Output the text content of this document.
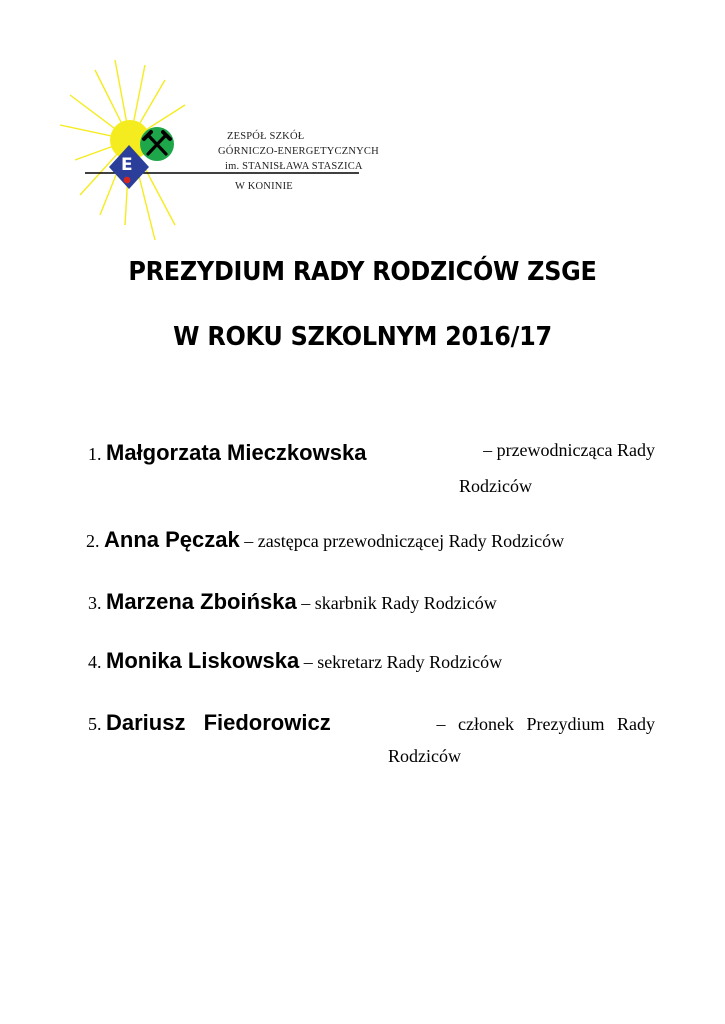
E
ZESPÓŁ SZKÓŁ
GÓRNICZO-ENERGETYCZNYCH
im. STANISŁAWA STASZICA
W KONINIE
PREZYDIUM RADY RODZICÓW ZSGE
W ROKU SZKOLNYM 2016/17
1. Małgorzata Mieczkowska	– przewodnicząca Rady
Rodziców
2. Anna Pęczak – zastępca przewodniczącej Rady Rodziców
3. Marzena Zboińska – skarbnik Rady Rodziców
4. Monika Liskowska – sekretarz Rady Rodziców
5. Dariusz Fiedorowicz	– członek Prezydium Rady
Rodziców
